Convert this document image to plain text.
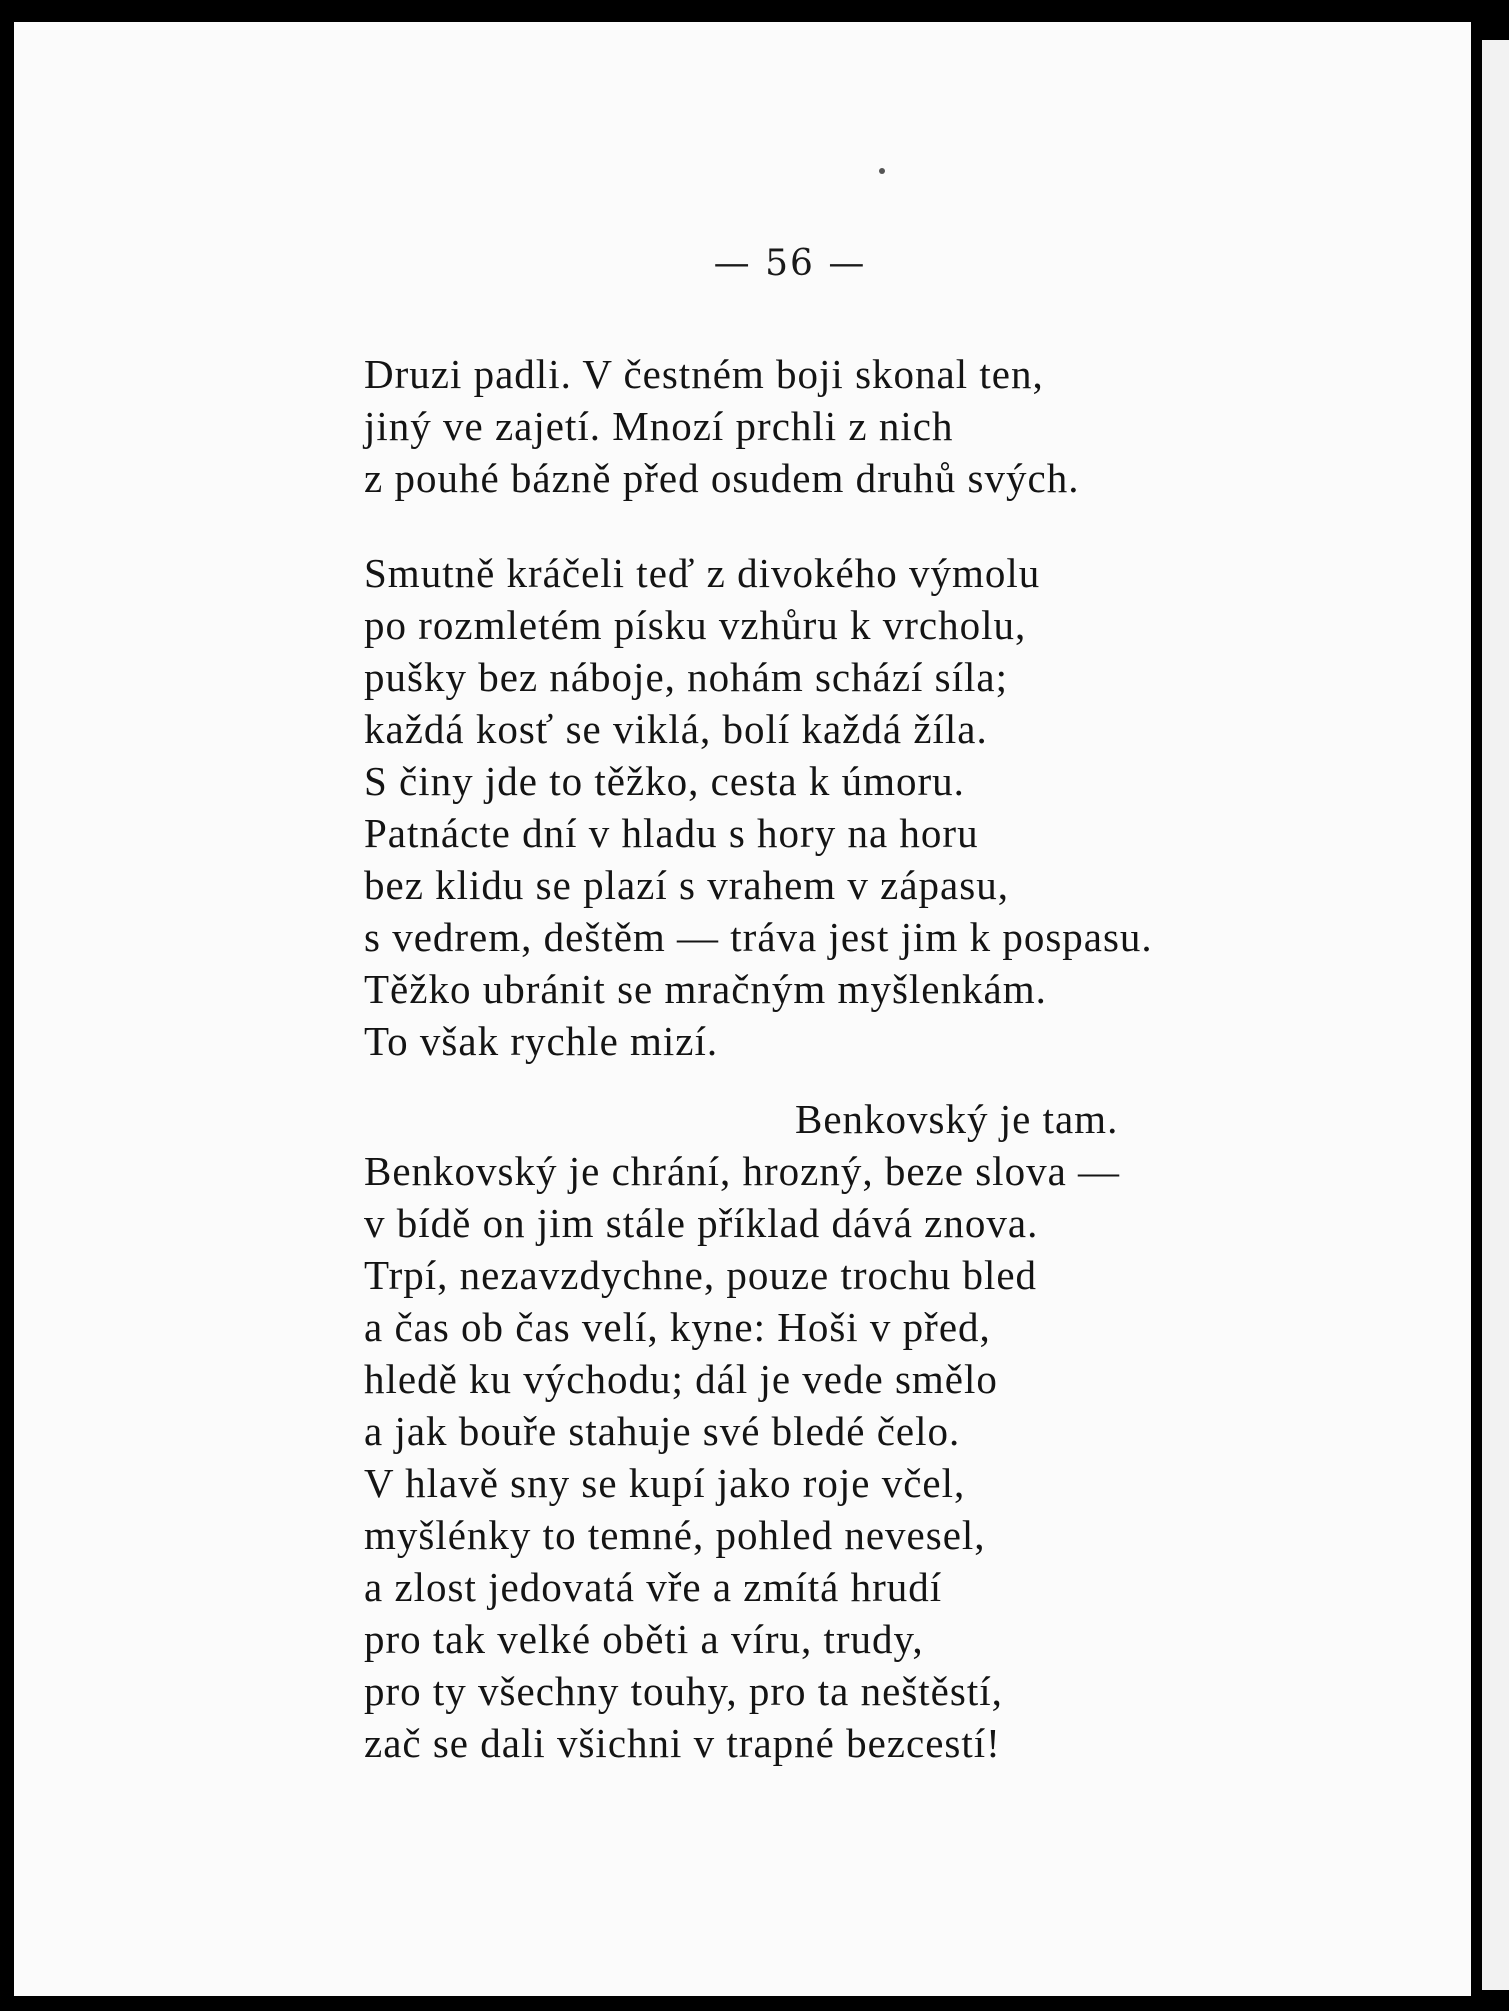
— 56 —
Druzi padli. V čestném boji skonal ten,
jiný ve zajetí. Mnozí prchli z nich
z pouhé bázně před osudem druhů svých.
Smutně kráčeli teď z divokého výmolu
po rozmletém písku vzhůru k vrcholu,
pušky bez náboje, nohám schází síla;
každá kosť se viklá, bolí každá žíla.
S činy jde to těžko, cesta k úmoru.
Patnácte dní v hladu s hory na horu
bez klidu se plazí s vrahem v zápasu,
s vedrem, deštěm — tráva jest jim k pospasu.
Těžko ubránit se mračným myšlenkám.
To však rychle mizí.
Benkovský je tam.
Benkovský je chrání, hrozný, beze slova —
v bídě on jim stále příklad dává znova.
Trpí, nezavzdychne, pouze trochu bled
a čas ob čas velí, kyne: Hoši v před,
hledě ku východu; dál je vede smělo
a jak bouře stahuje své bledé čelo.
V hlavě sny se kupí jako roje včel,
myšlénky to temné, pohled nevesel,
a zlost jedovatá vře a zmítá hrudí
pro tak velké oběti a víru, trudy,
pro ty všechny touhy, pro ta neštěstí,
zač se dali všichni v trapné bezcestí!
